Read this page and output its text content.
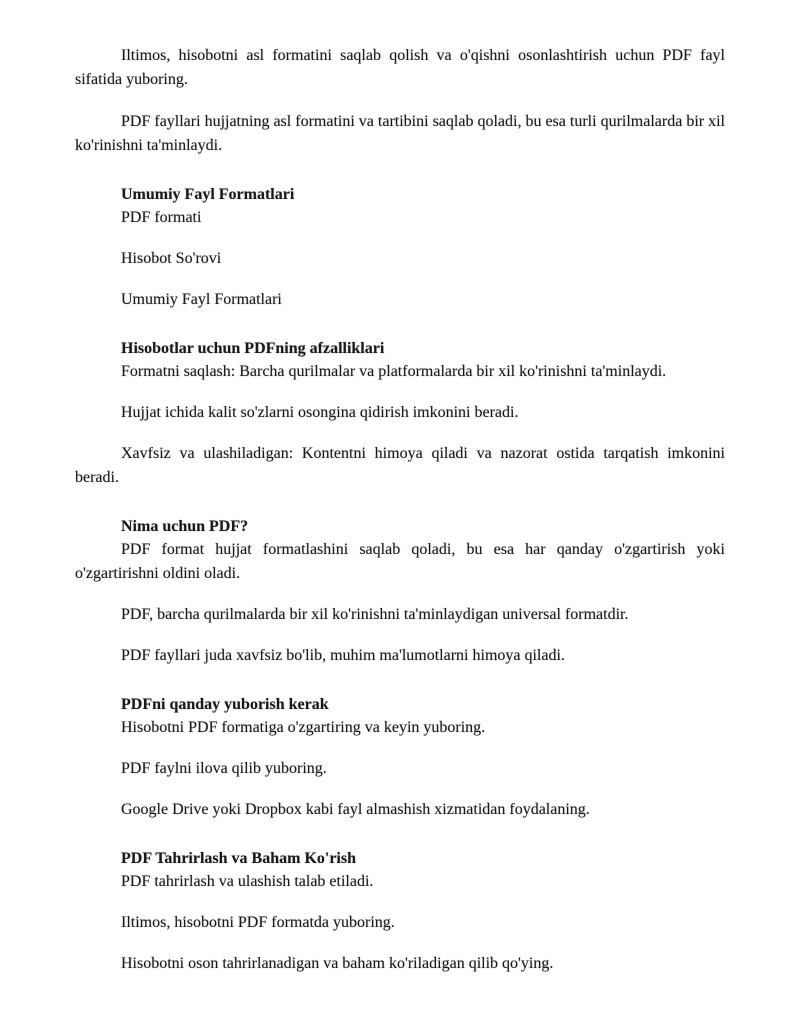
Iltimos, hisobotni asl formatini saqlab qolish va o'qishni osonlashtirish uchun PDF fayl sifatida yuboring.

PDF fayllari hujjatning asl formatini va tartibini saqlab qoladi, bu esa turli qurilmalarda bir xil ko'rinishni ta'minlaydi.

Umumiy Fayl Formatlari
PDF formati
Hisobot So'rovi
Umumiy Fayl Formatlari
Hisobotlar uchun PDFning afzalliklari
Formatni saqlash: Barcha qurilmalar va platformalarda bir xil ko'rinishni ta'minlaydi.
Hujjat ichida kalit so'zlarni osongina qidirish imkonini beradi.
Xavfsiz va ulashiladigan: Kontentni himoya qiladi va nazorat ostida tarqatish imkonini beradi.
Nima uchun PDF?
PDF format hujjat formatlashini saqlab qoladi, bu esa har qanday o'zgartirish yoki o'zgartirishni oldini oladi.
PDF, barcha qurilmalarda bir xil ko'rinishni ta'minlaydigan universal formatdir.
PDF fayllari juda xavfsiz bo'lib, muhim ma'lumotlarni himoya qiladi.
PDFni qanday yuborish kerak
Hisobotni PDF formatiga o'zgartiring va keyin yuboring.
PDF faylni ilova qilib yuboring.
Google Drive yoki Dropbox kabi fayl almashish xizmatidan foydalaning.
PDF Tahrirlash va Baham Ko'rish
PDF tahrirlash va ulashish talab etiladi.
Iltimos, hisobotni PDF formatda yuboring.
Hisobotni oson tahrirlanadigan va baham ko'riladigan qilib qo'ying.
